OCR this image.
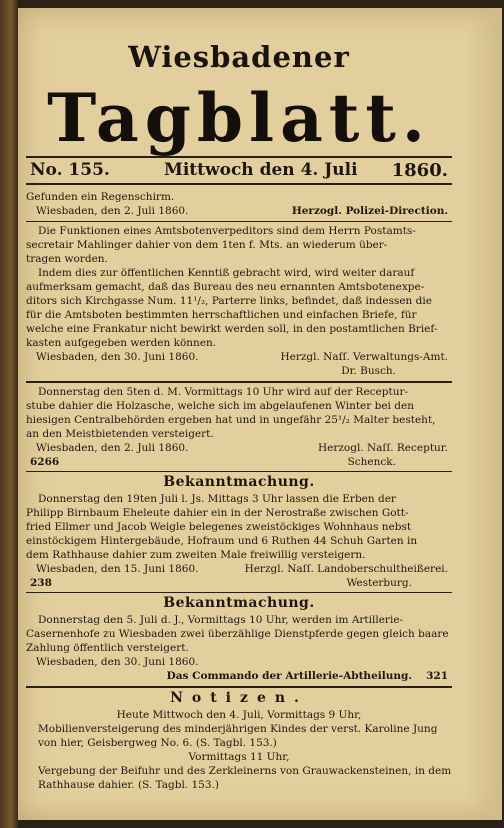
Wiesbadener
Tagblatt.
No. 155.	Mittwoch den 4. Juli 1860.
Gefunden ein Regenschirm.
Wiesbaden, den 2. Juli 1860.	Herzogl. Polizei-Direction.
Die Funktionen eines Amtsbotenverpeditors sind dem Herrn Postamts-
secretair Mahlinger dahier von dem 1ten f. Mts. an wiederum über-
tragen worden.
Indem dies zur öffentlichen Kenntiß gebracht wird, wird weiter darauf
aufmerksam gemacht, daß das Bureau des neu ernannten Amtsbotenexpe-
ditors sich Kirchgasse Num. 11¹/₂, Parterre links, befindet, daß indessen die
für die Amtsboten bestimmten herrschaftlichen und einfachen Briefe, für
welche eine Frankatur nicht bewirkt werden soll, in den postamtlichen Brief-
kasten aufgegeben werden können.
Wiesbaden, den 30. Juni 1860.	Herzgl. Naſſ. Verwaltungs-Amt.
Dr. Busch.
Donnerstag den 5ten d. M. Vormittags 10 Uhr wird auf der Receptur-
stube dahier die Holzasche, welche sich im abgelaufenen Winter bei den
hiesigen Centralbehörden ergeben hat und in ungefähr 25¹/₂ Malter besteht,
an den Meistbietenden versteigert.
Wiesbaden, den 2. Juli 1860.	Herzogl. Naſſ. Receptur.
6266	Schenck.
Bekanntmachung.
Donnerstag den 19ten Juli l. Js. Mittags 3 Uhr lassen die Erben der
Philipp Birnbaum Eheleute dahier ein in der Nerostraße zwischen Gott-
fried Ellmer und Jacob Weigle belegenes zweistöckiges Wohnhaus nebst
einstöckigem Hintergebäude, Hofraum und 6 Ruthen 44 Schuh Garten in
dem Rathhause dahier zum zweiten Male freiwillig versteigern.
Wiesbaden, den 15. Juni 1860.	Herzgl. Naſſ. Landoberschultheißerei.
238	Westerburg.
Bekanntmachung.
Donnerstag den 5. Juli d. J., Vormittags 10 Uhr, werden im Artillerie-
Casernenhofe zu Wiesbaden zwei überzählige Dienstpferde gegen gleich baare
Zahlung öffentlich versteigert.
Wiesbaden, den 30. Juni 1860.
Das Commando der Artillerie-Abtheilung. 321
Notizen.
Heute Mittwoch den 4. Juli, Vormittags 9 Uhr,
Mobilienversteigerung des minderjährigen Kindes der verst. Karoline Jung
von hier, Geisbergweg No. 6. (S. Tagbl. 153.)
Vormittags 11 Uhr,
Vergebung der Beifuhr und des Zerkleinerns von Grauwackensteinen, in dem
Rathhause dahier. (S. Tagbl. 153.)
